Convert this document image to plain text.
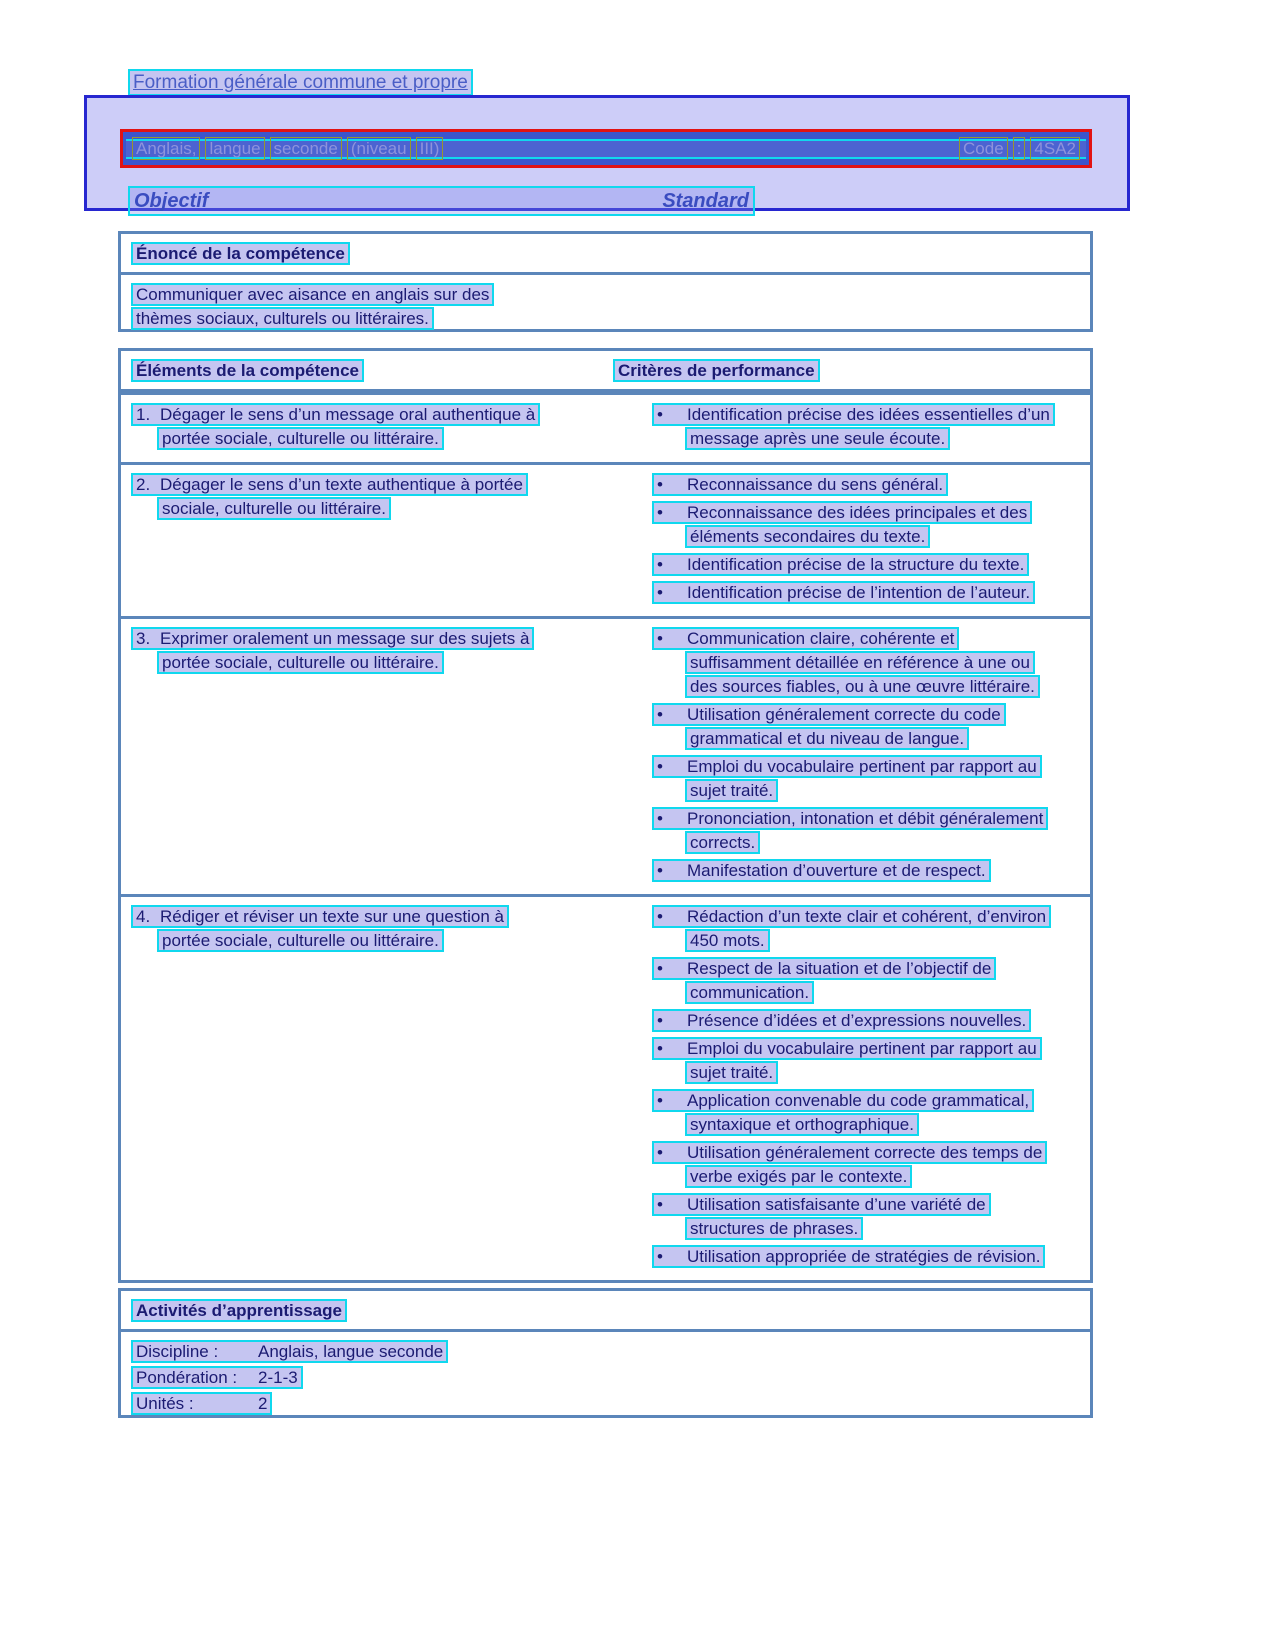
Formation générale commune et propre
Anglais, langue seconde (niveau III)	Code : 4SA2
Objectif	Standard
Énoncé de la compétence
Communiquer avec aisance en anglais sur des
thèmes sociaux, culturels ou littéraires.
Éléments de la compétence	Critères de performance
1. Dégager le sens d’un message oral authentique à
portée sociale, culturelle ou littéraire.
• Identification précise des idées essentielles d’un
message après une seule écoute.
2. Dégager le sens d’un texte authentique à portée
sociale, culturelle ou littéraire.
• Reconnaissance du sens général.
• Reconnaissance des idées principales et des
éléments secondaires du texte.
• Identification précise de la structure du texte.
• Identification précise de l’intention de l’auteur.
3. Exprimer oralement un message sur des sujets à
portée sociale, culturelle ou littéraire.
• Communication claire, cohérente et
suffisamment détaillée en référence à une ou
des sources fiables, ou à une œuvre littéraire.
• Utilisation généralement correcte du code
grammatical et du niveau de langue.
• Emploi du vocabulaire pertinent par rapport au
sujet traité.
• Prononciation, intonation et débit généralement
corrects.
• Manifestation d’ouverture et de respect.
4. Rédiger et réviser un texte sur une question à
portée sociale, culturelle ou littéraire.
• Rédaction d’un texte clair et cohérent, d’environ
450 mots.
• Respect de la situation et de l’objectif de
communication.
• Présence d’idées et d’expressions nouvelles.
• Emploi du vocabulaire pertinent par rapport au
sujet traité.
• Application convenable du code grammatical,
syntaxique et orthographique.
• Utilisation généralement correcte des temps de
verbe exigés par le contexte.
• Utilisation satisfaisante d’une variété de
structures de phrases.
• Utilisation appropriée de stratégies de révision.
Activités d’apprentissage
Discipline : Anglais, langue seconde
Pondération : 2-1-3
Unités :	2
